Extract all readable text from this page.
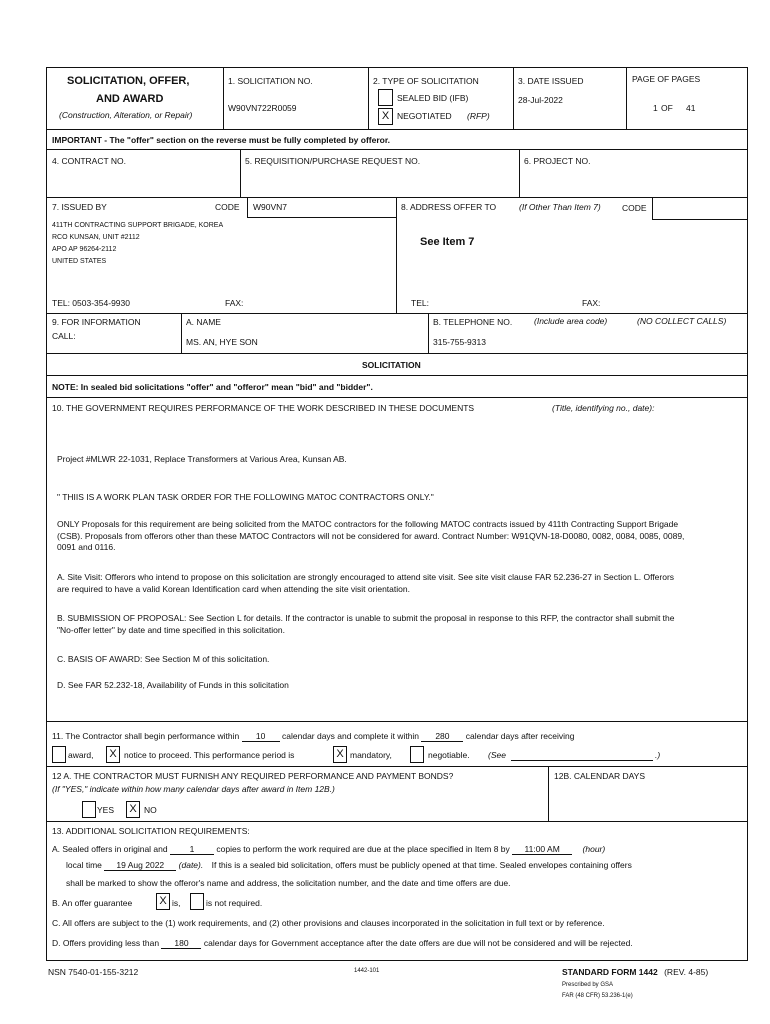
SOLICITATION, OFFER,
AND AWARD
(Construction, Alteration, or Repair)
1. SOLICITATION NO.
W90VN722R0059
2. TYPE OF SOLICITATION
SEALED BID (IFB)
X NEGOTIATED (RFP)
3. DATE ISSUED
28-Jul-2022
PAGE OF PAGES
1 OF 41
IMPORTANT - The "offer" section on the reverse must be fully completed by offeror.
4. CONTRACT NO.	5. REQUISITION/PURCHASE REQUEST NO.	6. PROJECT NO.
7. ISSUED BY	CODE W90VN7
411TH CONTRACTING SUPPORT BRIGADE, KOREA
RCO KUNSAN, UNIT #2112
APO AP 96264-2112
UNITED STATES
TEL: 0503-354-9930	FAX:
8. ADDRESS OFFER TO	(If Other Than Item 7)	CODE
See Item 7
TEL:	FAX:
9. FOR INFORMATION
CALL:
A. NAME
MS. AN, HYE SON
B. TELEPHONE NO.	(Include area code)	(NO COLLECT CALLS)
315-755-9313
SOLICITATION
NOTE: In sealed bid solicitations "offer" and "offeror" mean "bid" and "bidder".
10. THE GOVERNMENT REQUIRES PERFORMANCE OF THE WORK DESCRIBED IN THESE DOCUMENTS	(Title, identifying no., date):
Project #MLWR 22-1031, Replace Transformers at Various Area, Kunsan AB.
" THIIS IS A WORK PLAN TASK ORDER FOR THE FOLLOWING MATOC CONTRACTORS ONLY."
ONLY Proposals for this requirement are being solicited from the MATOC contractors for the following MATOC contracts issued by 411th Contracting Support Brigade (CSB). Proposals from offerors other than these MATOC Contractors will not be considered for award. Contract Number: W91QVN-18-D0080, 0082, 0084, 0085, 0089, 0091 and 0116.
A. Site Visit: Offerors who intend to propose on this solicitation are strongly encouraged to attend site visit. See site visit clause FAR 52.236-27 in Section L. Offerors are required to have a valid Korean Identification card when attending the site visit orientation.
B. SUBMISSION OF PROPOSAL: See Section L for details. If the contractor is unable to submit the proposal in response to this RFP, the contractor shall submit the "No-offer letter" by date and time specified in this solicitation.
C. BASIS OF AWARD: See Section M of this solicitation.
D. See FAR 52.232-18, Availability of Funds in this solicitation
11. The Contractor shall begin performance within 10 calendar days and complete it within 280 calendar days after receiving
award,	X notice to proceed. This performance period is	X mandatory,	negotiable. (See	.)
12 A. THE CONTRACTOR MUST FURNISH ANY REQUIRED PERFORMANCE AND PAYMENT BONDS?
(If "YES," indicate within how many calendar days after award in Item 12B.)
YES	X NO
12B. CALENDAR DAYS
13. ADDITIONAL SOLICITATION REQUIREMENTS:
A. Sealed offers in original and	1	copies to perform the work required are due at the place specified in Item 8 by 11:00 AM	(hour)
local time 19 Aug 2022 (date). If this is a sealed bid solicitation, offers must be publicly opened at that time. Sealed envelopes containing offers
shall be marked to show the offeror's name and address, the solicitation number, and the date and time offers are due.
B. An offer guarantee	X is,	is not required.
C. All offers are subject to the (1) work requirements, and (2) other provisions and clauses incorporated in the solicitation in full text or by reference.
D. Offers providing less than 180 calendar days for Government acceptance after the date offers are due will not be considered and will be rejected.
NSN 7540-01-155-3212	1442-101	STANDARD FORM 1442 (REV. 4-85)
Prescribed by GSA
FAR (48 CFR) 53.236-1(e)
